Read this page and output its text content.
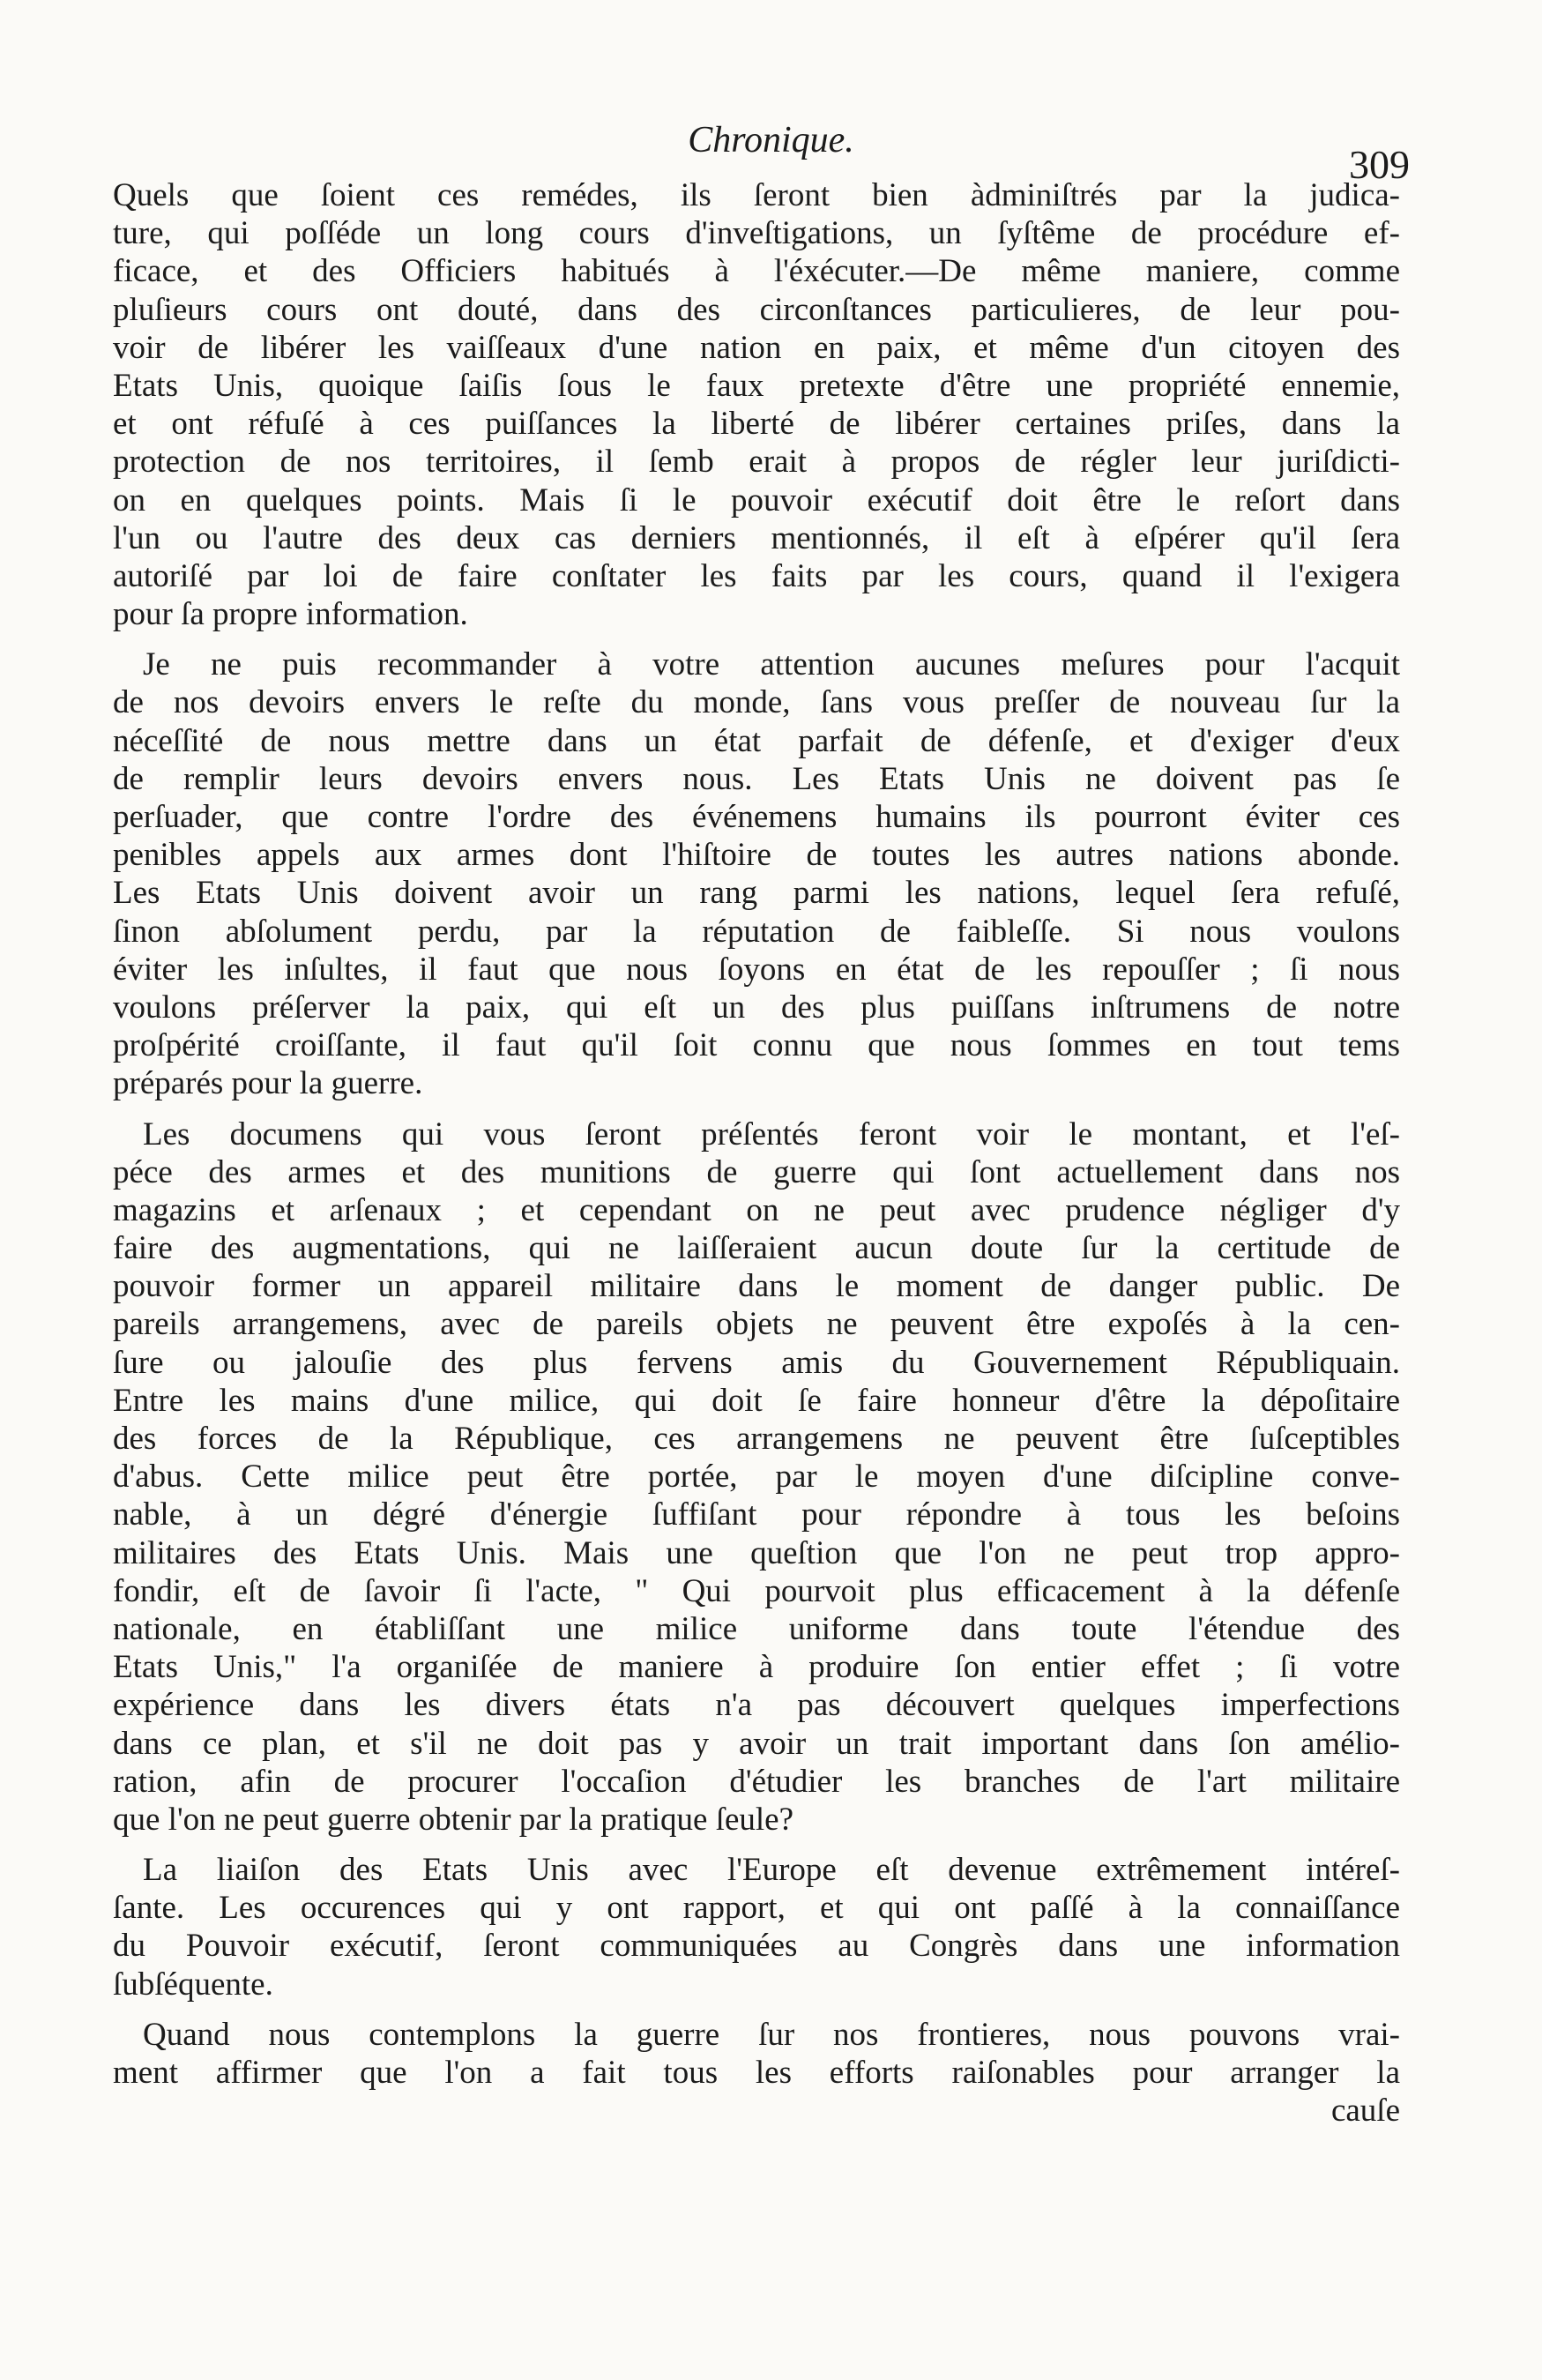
Chronique.
309
Quels que ſoient ces remédes, ils ſeront bien àdminiſtrés par la judica-
ture, qui poſſéde un long cours d'inveſtigations, un ſyſtême de procédure ef-
ficace, et des Officiers habitués à l'éxécuter.—De même maniere, comme
pluſieurs cours ont douté, dans des circonſtances particulieres, de leur pou-
voir de libérer les vaiſſeaux d'une nation en paix, et même d'un citoyen des
Etats Unis, quoique ſaiſis ſous le faux pretexte d'être une propriété ennemie,
et ont réfuſé à ces puiſſances la liberté de libérer certaines priſes, dans la
protection de nos territoires, il ſemb erait à propos de régler leur juriſdicti-
on en quelques points. Mais ſi le pouvoir exécutif doit être le reſort dans
l'un ou l'autre des deux cas derniers mentionnés, il eſt à eſpérer qu'il ſera
autoriſé par loi de faire conſtater les faits par les cours, quand il l'exigera
pour ſa propre information.
Je ne puis recommander à votre attention aucunes meſures pour l'acquit
de nos devoirs envers le reſte du monde, ſans vous preſſer de nouveau ſur la
néceſſité de nous mettre dans un état parfait de défenſe, et d'exiger d'eux
de remplir leurs devoirs envers nous. Les Etats Unis ne doivent pas ſe
perſuader, que contre l'ordre des événemens humains ils pourront éviter ces
penibles appels aux armes dont l'hiſtoire de toutes les autres nations abonde.
Les Etats Unis doivent avoir un rang parmi les nations, lequel ſera refuſé,
ſinon abſolument perdu, par la réputation de faibleſſe. Si nous voulons
éviter les inſultes, il faut que nous ſoyons en état de les repouſſer ; ſi nous
voulons préſerver la paix, qui eſt un des plus puiſſans inſtrumens de notre
proſpérité croiſſante, il faut qu'il ſoit connu que nous ſommes en tout tems
préparés pour la guerre.
Les documens qui vous ſeront préſentés feront voir le montant, et l'eſ-
péce des armes et des munitions de guerre qui ſont actuellement dans nos
magazins et arſenaux ; et cependant on ne peut avec prudence négliger d'y
faire des augmentations, qui ne laiſſeraient aucun doute ſur la certitude de
pouvoir former un appareil militaire dans le moment de danger public. De
pareils arrangemens, avec de pareils objets ne peuvent être expoſés à la cen-
ſure ou jalouſie des plus fervens amis du Gouvernement Républiquain.
Entre les mains d'une milice, qui doit ſe faire honneur d'être la dépoſitaire
des forces de la République, ces arrangemens ne peuvent être ſuſceptibles
d'abus. Cette milice peut être portée, par le moyen d'une diſcipline conve-
nable, à un dégré d'énergie ſuffiſant pour répondre à tous les beſoins
militaires des Etats Unis. Mais une queſtion que l'on ne peut trop appro-
fondir, eſt de ſavoir ſi l'acte, " Qui pourvoit plus efficacement à la défenſe
nationale, en établiſſant une milice uniforme dans toute l'étendue des
Etats Unis," l'a organiſée de maniere à produire ſon entier effet ; ſi votre
expérience dans les divers états n'a pas découvert quelques imperfections
dans ce plan, et s'il ne doit pas y avoir un trait important dans ſon amélio-
ration, afin de procurer l'occaſion d'étudier les branches de l'art militaire
que l'on ne peut guerre obtenir par la pratique ſeule?
La liaiſon des Etats Unis avec l'Europe eſt devenue extrêmement intéreſ-
ſante. Les occurences qui y ont rapport, et qui ont paſſé à la connaiſſance
du Pouvoir exécutif, ſeront communiquées au Congrès dans une information
ſubſéquente.
Quand nous contemplons la guerre ſur nos frontieres, nous pouvons vrai-
ment affirmer que l'on a fait tous les efforts raiſonables pour arranger la
cauſe
